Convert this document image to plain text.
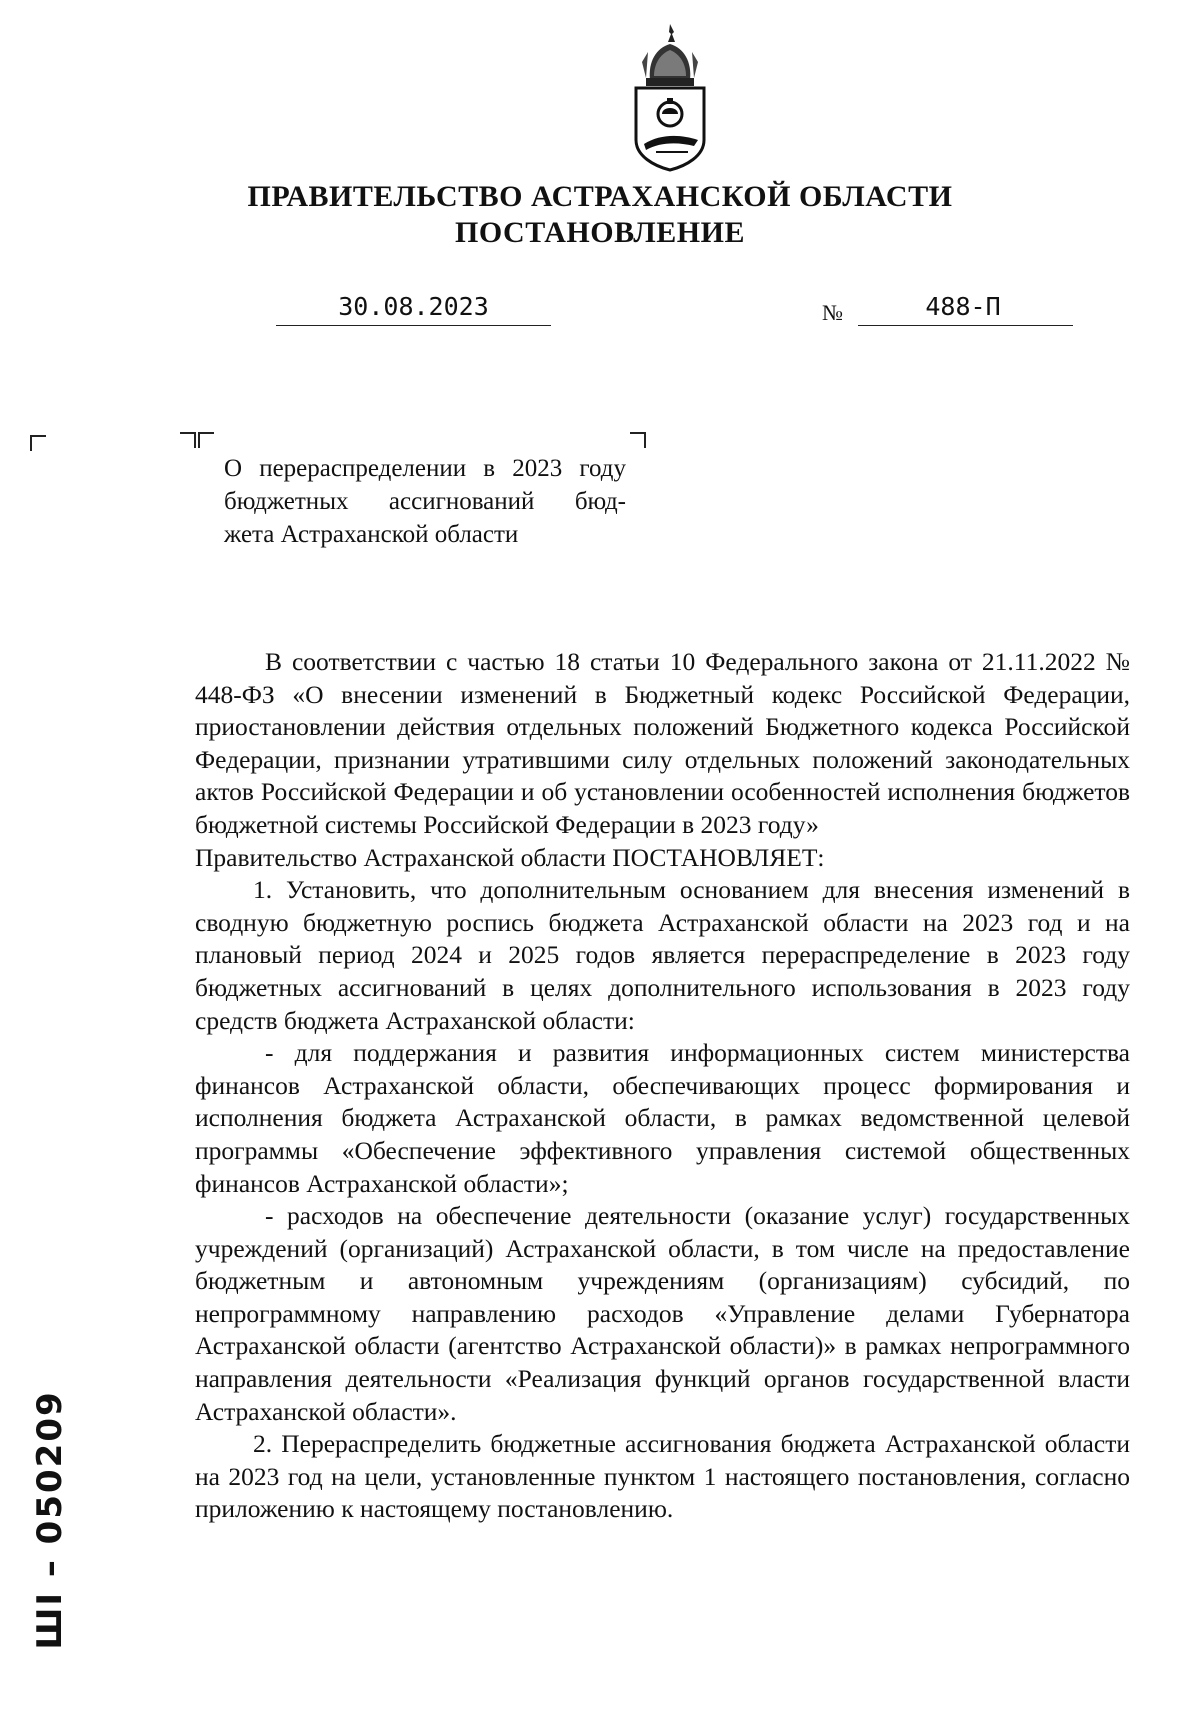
ПРАВИТЕЛЬСТВО АСТРАХАНСКОЙ ОБЛАСТИ
ПОСТАНОВЛЕНИЕ
30.08.2023	№	488-П
О перераспределении в 2023 году
бюджетных ассигнований бюд-
жета Астраханской области

В соответствии с частью 18 статьи 10 Федерального закона от 21.11.2022 № 448-ФЗ «О внесении изменений в Бюджетный кодекс Российской Федерации, приостановлении действия отдельных положений Бюджетного кодекса Российской Федерации, признании утратившими силу отдельных положений законодательных актов Российской Федерации и об установлении особенностей исполнения бюджетов бюджетной системы Российской Федерации в 2023 году»

Правительство Астраханской области ПОСТАНОВЛЯЕТ:

1. Установить, что дополнительным основанием для внесения изменений в сводную бюджетную роспись бюджета Астраханской области на 2023 год и на плановый период 2024 и 2025 годов является перераспределение в 2023 году бюджетных ассигнований в целях дополнительного использования в 2023 году средств бюджета Астраханской области:

- для поддержания и развития информационных систем министерства финансов Астраханской области, обеспечивающих процесс формирования и исполнения бюджета Астраханской области, в рамках ведомственной целевой программы «Обеспечение эффективного управления системой общественных финансов Астраханской области»;

- расходов на обеспечение деятельности (оказание услуг) государственных учреждений (организаций) Астраханской области, в том числе на предоставление бюджетным и автономным учреждениям (организациям) субсидий, по непрограммному направлению расходов «Управление делами Губернатора Астраханской области (агентство Астраханской области)» в рамках непрограммного направления деятельности «Реализация функций органов государственной власти Астраханской области».

2. Перераспределить бюджетные ассигнования бюджета Астраханской области на 2023 год на цели, установленные пунктом 1 настоящего постановления, согласно приложению к настоящему постановлению.

ШI – 050209
